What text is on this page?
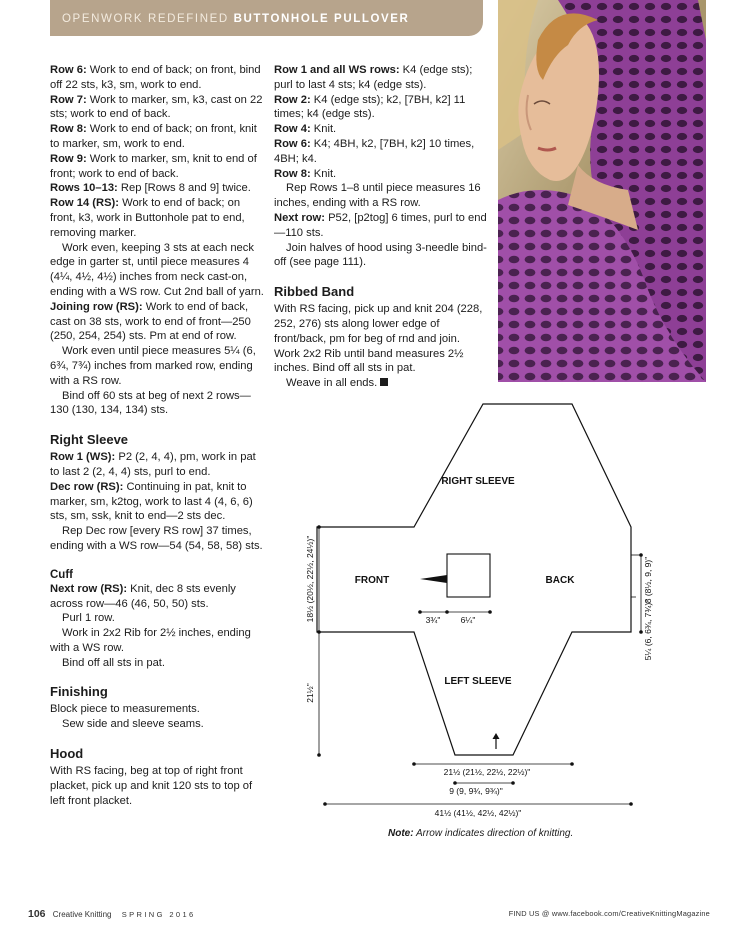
OPENWORK REDEFINED BUTTONHOLE PULLOVER

Row 6: Work to end of back; on front, bind off 22 sts, k3, sm, work to end.

Row 7: Work to marker, sm, k3, cast on 22 sts; work to end of back.

Row 8: Work to end of back; on front, knit to marker, sm, work to end.

Row 9: Work to marker, sm, knit to end of front; work to end of back.

Rows 10–13: Rep [Rows 8 and 9] twice.

Row 14 (RS): Work to end of back; on front, k3, work in Buttonhole pat to end, removing marker.

Work even, keeping 3 sts at each neck edge in garter st, until piece measures 4 (4¼, 4½, 4½) inches from neck cast-on, ending with a WS row. Cut 2nd ball of yarn.

Joining row (RS): Work to end of back, cast on 38 sts, work to end of front—250 (250, 254, 254) sts. Pm at end of row.

Work even until piece measures 5¼ (6, 6¾, 7¾) inches from marked row, ending with a RS row.

Bind off 60 sts at beg of next 2 rows—130 (130, 134, 134) sts.

Right Sleeve

Row 1 (WS): P2 (2, 4, 4), pm, work in pat to last 2 (2, 4, 4) sts, purl to end.

Dec row (RS): Continuing in pat, knit to marker, sm, k2tog, work to last 4 (4, 6, 6) sts, sm, ssk, knit to end—2 sts dec.

Rep Dec row [every RS row] 37 times, ending with a WS row—54 (54, 58, 58) sts.

Cuff

Next row (RS): Knit, dec 8 sts evenly across row—46 (46, 50, 50) sts.

Purl 1 row.

Work in 2x2 Rib for 2½ inches, ending with a WS row.

Bind off all sts in pat.

Finishing

Block piece to measurements.

Sew side and sleeve seams.

Hood

With RS facing, beg at top of right front placket, pick up and knit 120 sts to top of left front placket.

Row 1 and all WS rows: K4 (edge sts); purl to last 4 sts; k4 (edge sts).

Row 2: K4 (edge sts); k2, [7BH, k2] 11 times; k4 (edge sts).

Row 4: Knit.

Row 6: K4; 4BH, k2, [7BH, k2] 10 times, 4BH; k4.

Row 8: Knit.

Rep Rows 1–8 until piece measures 16 inches, ending with a RS row.

Next row: P52, [p2tog] 6 times, purl to end—110 sts.

Join halves of hood using 3-needle bind-off (see page 111).

Ribbed Band

With RS facing, pick up and knit 204 (228, 252, 276) sts along lower edge of front/back, pm for beg of rnd and join. Work 2x2 Rib until band measures 2½ inches. Bind off all sts in pat.

Weave in all ends.

RIGHT SLEEVE
LEFT SLEEVE
FRONT	BACK
3¾" 6¼"
18½ (20½, 22½, 24½)"
21½"
8 (8½, 9, 9)"
5¼ (6, 6¾, 7¾)"
21½ (21½, 22½, 22½)"
9 (9, 9¾, 9¾)"
41½ (41½, 42½, 42½)"
Note: Arrow indicates direction of knitting.
106 Creative Knitting SPRING 2016	FIND US @ www.facebook.com/CreativeKnittingMagazine
